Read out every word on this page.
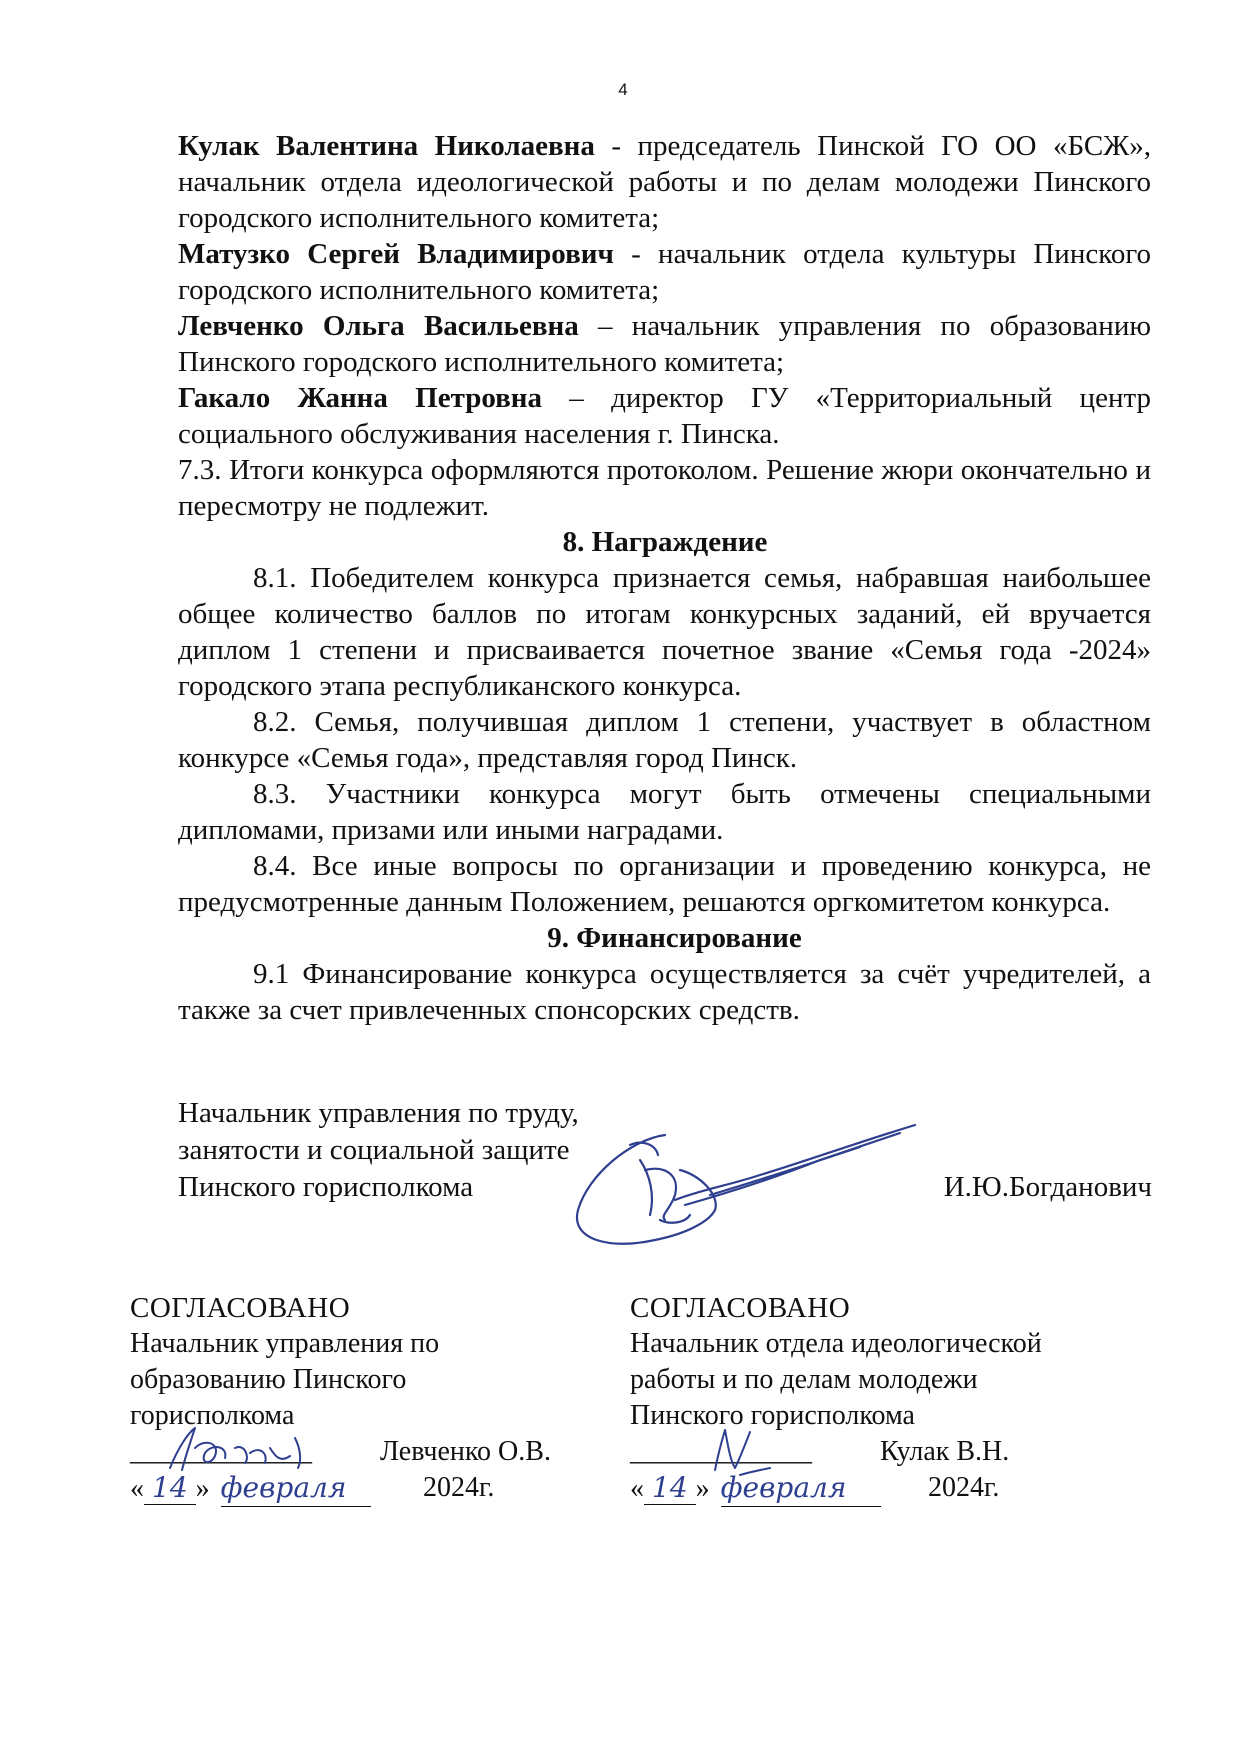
4

Кулак Валентина Николаевна - председатель Пинской ГО ОО «БСЖ», начальник отдела идеологической работы и по делам молодежи Пинского городского исполнительного комитета;

Матузко Сергей Владимирович - начальник отдела культуры Пинского городского исполнительного комитета;

Левченко Ольга Васильевна – начальник управления по образованию Пинского городского исполнительного комитета;

Гакало Жанна Петровна – директор ГУ «Территориальный центр социального обслуживания населения г. Пинска.

7.3. Итоги конкурса оформляются протоколом. Решение жюри окончательно и пересмотру не подлежит.

8. Награждение

8.1. Победителем конкурса признается семья, набравшая наибольшее общее количество баллов по итогам конкурсных заданий, ей вручается диплом 1 степени и присваивается почетное звание «Семья года -2024» городского этапа республиканского конкурса.

8.2. Семья, получившая диплом 1 степени, участвует в областном конкурсе «Семья года», представляя город Пинск.

8.3. Участники конкурса могут быть отмечены специальными дипломами, призами или иными наградами.

8.4. Все иные вопросы по организации и проведению конкурса, не предусмотренные данным Положением, решаются оргкомитетом конкурса.

9. Финансирование

9.1 Финансирование конкурса осуществляется за счёт учредителей, а также за счет привлеченных спонсорских средств.

Начальник управления по труду,
занятости и социальной защите
Пинского горисполкома	И.Ю.Богданович
СОГЛАСОВАНО
Начальник управления по
образованию Пинского
горисполкома
_____________ Левченко О.В.
« 14 » февраля	2024г.
СОГЛАСОВАНО
Начальник отдела идеологической
работы и по делам молодежи
Пинского горисполкома
_____________ Кулак В.Н.
« 14 » февраля	2024г.
